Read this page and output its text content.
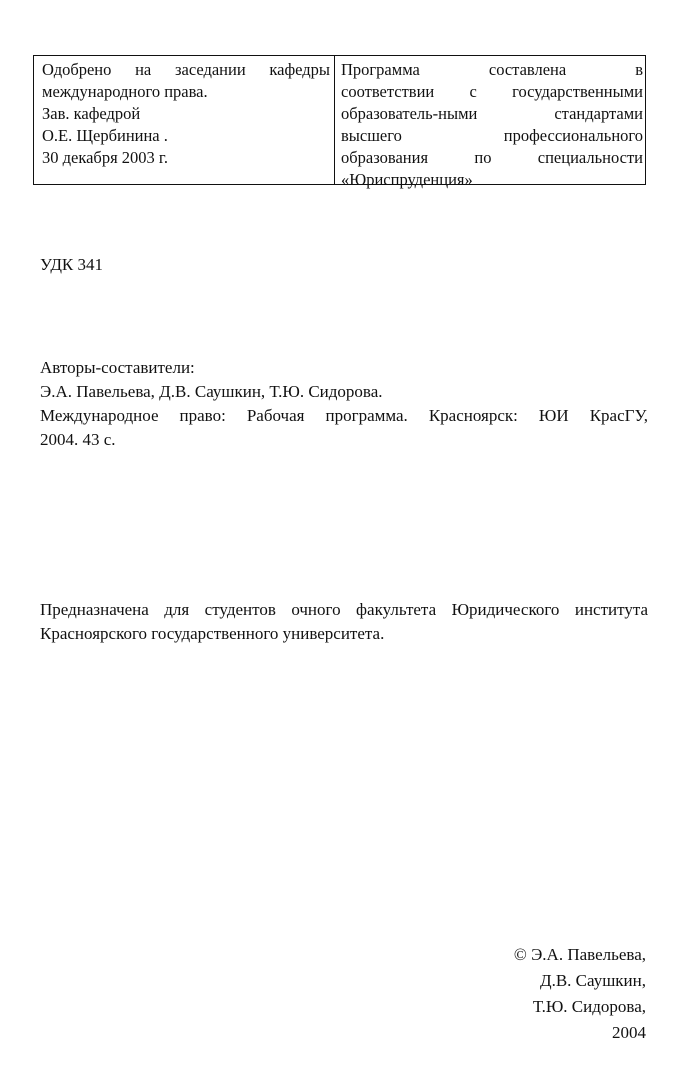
Одобрено на заседании кафедры
международного права.
Зав. кафедрой
О.Е. Щербинина .
30 декабря 2003 г.
Программа составлена в
соответствии с государственными
образователь-ными стандартами
высшего профессионального
образования по специальности
«Юриспруденция»
УДК 341
Авторы-составители:
Э.А. Павельева, Д.В. Саушкин, Т.Ю. Сидорова.
Международное право: Рабочая программа. Красноярск: ЮИ КрасГУ,
2004. 43 с.
Предназначена для студентов очного факультета Юридического института
Красноярского государственного университета.
© Э.А. Павельева,
Д.В. Саушкин,
Т.Ю. Сидорова,
2004
